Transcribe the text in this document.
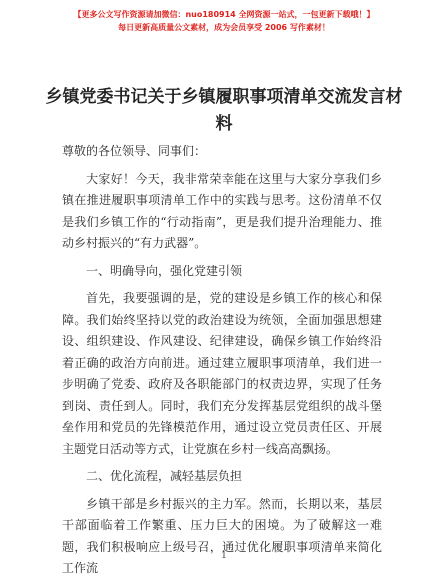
【更多公文写作资源请加微信：nuo180914 全网资源一站式，一包更新下载哦！】
每日更新高质量公文素材，成为会员享受 2006 写作素材！
乡镇党委书记关于乡镇履职事项清单交流发言材料

尊敬的各位领导、同事们：

大家好！今天，我非常荣幸能在这里与大家分享我们乡镇在推进履职事项清单工作中的实践与思考。这份清单不仅是我们乡镇工作的“行动指南”，更是我们提升治理能力、推动乡村振兴的“有力武器”。

一、明确导向，强化党建引领

首先，我要强调的是，党的建设是乡镇工作的核心和保障。我们始终坚持以党的政治建设为统领，全面加强思想建设、组织建设、作风建设、纪律建设，确保乡镇工作始终沿着正确的政治方向前进。通过建立履职事项清单，我们进一步明确了党委、政府及各职能部门的权责边界，实现了任务到岗、责任到人。同时，我们充分发挥基层党组织的战斗堡垒作用和党员的先锋模范作用，通过设立党员责任区、开展主题党日活动等方式，让党旗在乡村一线高高飘扬。

二、优化流程，减轻基层负担

乡镇干部是乡村振兴的主力军。然而，长期以来，基层干部面临着工作繁重、压力巨大的困境。为了破解这一难题，我们积极响应上级号召，通过优化履职事项清单来简化工作流

1
